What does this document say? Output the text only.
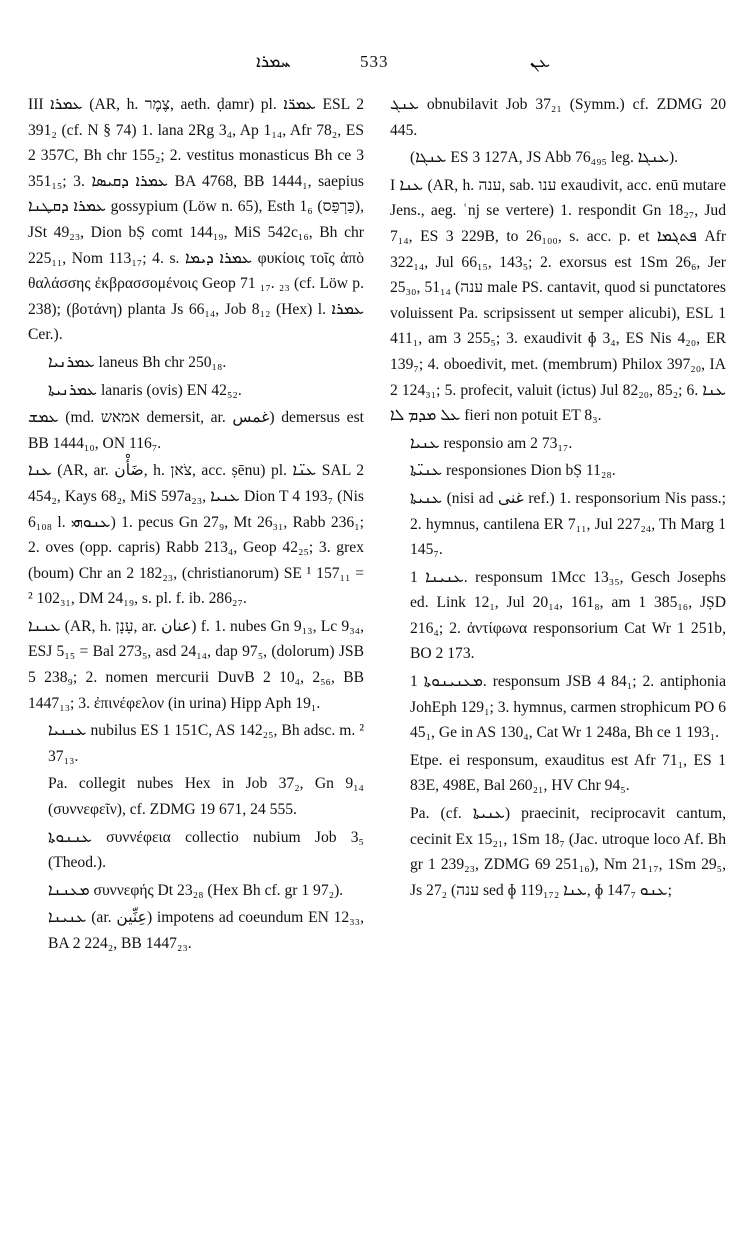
ܚܡܪܐ	533	ܥܢ

III ܥܡܪܐ (AR, h. צֶמֶר, aeth. ḍamr) pl. ܥܡܪ̈ܐ ESL 2 391₂ (cf. N § 74) 1. lana 2Rg 3₄, Ap 1₁₄, Afr 78₂, ES 2 357C, Bh chr 155₂; 2. vestitus monasticus Bh ce 3 351₁₅; 3. ܥܡܪܐ ܕܩܝܣܐ BA 4768, BB 1444₁, saepius ܥܡܪܐ ܕܩܛܢܐ gossypium (Löw n. 65), Esth 1₆ (כַּרְפַּס), JSt 49₂₃, Dion bṢ comt 144₁₉, MiS 542c₁₆, Bh chr 225₁₁, Nom 113₁₇; 4. s. ܥܡܪܐ ܕܝܡܐ φυκίοις τοῖς ἀπὸ θαλάσσης ἐκβρασσομένοις Geop 71 ₁₇. ₂₃ (cf. Löw p. 238); (βοτάνη) planta Js 66₁₄, Job 8₁₂ (Hex) l. ܥܡܪܐ Cer.).

ܥܡܪܢܝܐ laneus Bh chr 250₁₈.

ܥܡܪܢܝܬܐ lanaris (ovis) EN 42₅₂.

ܥܡܫ (md. אמאש demersit, ar. غمس) demersus est BB 1444₁₀, ON 116₇.

ܥܢܐ (AR, ar. ضَأْن, h. צֹאן, acc. ṣēnu) pl. ܥܢ̈ܐ SAL 2 454₂, Kays 68₂, MiS 597a₂₃, ܥܢܝܐ Dion T 4 193₇ (Nis 6₁₀₈ l. ܥܢܘܗܝ) 1. pecus Gn 27₉, Mt 26₃₁, Rabb 236₁; 2. oves (opp. capris) Rabb 213₄, Geop 42₂₅; 3. grex (boum) Chr an 2 182₂₃, (christianorum) SE ¹ 157₁₁ = ² 102₃₁, DM 24₁₉, s. pl. f. ib. 286₂₇.

ܥܢܢܐ (AR, h. עָנָן, ar. عنان) f. 1. nubes Gn 9₁₃, Lc 9₃₄, ESJ 5₁₅ = Bal 273₅, asd 24₁₄, dap 97₅, (dolorum) JSB 5 238₉; 2. nomen mercurii DuvB 2 10₄, 2₅₆, BB 1447₁₃; 3. ἐπινέφελον (in urina) Hipp Aph 19₁.

ܥܢܢܝܐ nubilus ES 1 151C, AS 142₂₅, Bh adsc. m. ² 37₁₃.

Pa. collegit nubes Hex in Job 37₂, Gn 9₁₄ (συννεφεῖν), cf. ZDMG 19 671, 24 555.

ܥܢܢܘܬܐ συννέφεια collectio nubium Job 3₅ (Theod.).

ܡܥܢܢܐ συννεφής Dt 23₂₈ (Hex Bh cf. gr 1 97₂).

ܥܢܝܢܐ (ar. عِنِّين) impotens ad coeundum EN 12₃₃, BA 2 224₂, BB 1447₂₃.

ܥܢܓ obnubilavit Job 37₂₁ (Symm.) cf. ZDMG 20 445.

(ܥܢܓܐ ES 3 127A, JS Abb 76₄₉₅ leg. ܥܢܓܐ).

I ܥܢܐ (AR, h. ענה, sab. ענו exaudivit, acc. enū mutare Jens., aeg. ʿnj se vertere) 1. respondit Gn 18₂₇, Jud 7₁₄, ES 3 229B, to 26₁₀₀, s. acc. p. et ܦܬܓܡܐ Afr 322₁₄, Jul 66₁₅, 143₅; 2. exorsus est 1Sm 26₆, Jer 25₃₀, 51₁₄ (ענה male PS. cantavit, quod si punctatores voluissent Pa. scripsissent ut semper alicubi), ESL 1 411₁, am 3 255₅; 3. exaudivit ɸ 3₄, ES Nis 4₂₀, ER 139₇; 4. oboedivit, met. (membrum) Philox 397₂₀, IA 2 124₃₁; 5. profecit, valuit (ictus) Jul 82₂₀, 85₂; 6. ܥܢܐ ܥܠ ܡܕܡ ܠܐ fieri non potuit ET 8₃.

ܥܢܝܐ responsio am 2 73₁₇.

ܥܢܝ̈ܬܐ responsiones Dion bṢ 11₂₈.

ܥܢܝܬܐ (nisi ad غنى ref.) 1. responsorium Nis pass.; 2. hymnus, cantilena ER 7₁₁, Jul 227₂₄, Th Marg 1 145₇.

ܥܢܝܢܐ 1. responsum 1Mcc 13₃₅, Gesch Josephs ed. Link 12₁, Jul 20₁₄, 161₈, am 1 385₁₆, JṢD 216₄; 2. ἀντίφωνα responsorium Cat Wr 1 251b, BO 2 173.

ܡܥܢܝܢܘܬܐ 1. responsum JSB 4 84₁; 2. antiphonia JohEph 129₁; 3. hymnus, carmen strophicum PO 6 45₁, Ge in AS 130₄, Cat Wr 1 248a, Bh ce 1 193₁.

Etpe. ei responsum, exauditus est Afr 71₁, ES 1 83E, 498E, Bal 260₂₁, HV Chr 94₅.

Pa. (cf. ܥܢܝܬܐ) praecinit, reciprocavit cantum, cecinit Ex 15₂₁, 1Sm 18₇ (Jac. utroque loco Af. Bh gr 1 239₂₃, ZDMG 69 251₁₆), Nm 21₁₇, 1Sm 29₅, Js 27₂ (ענה sed ɸ 119₁₇₂ ܥܢܐ, ɸ 147₇ ܥܢܘ;
